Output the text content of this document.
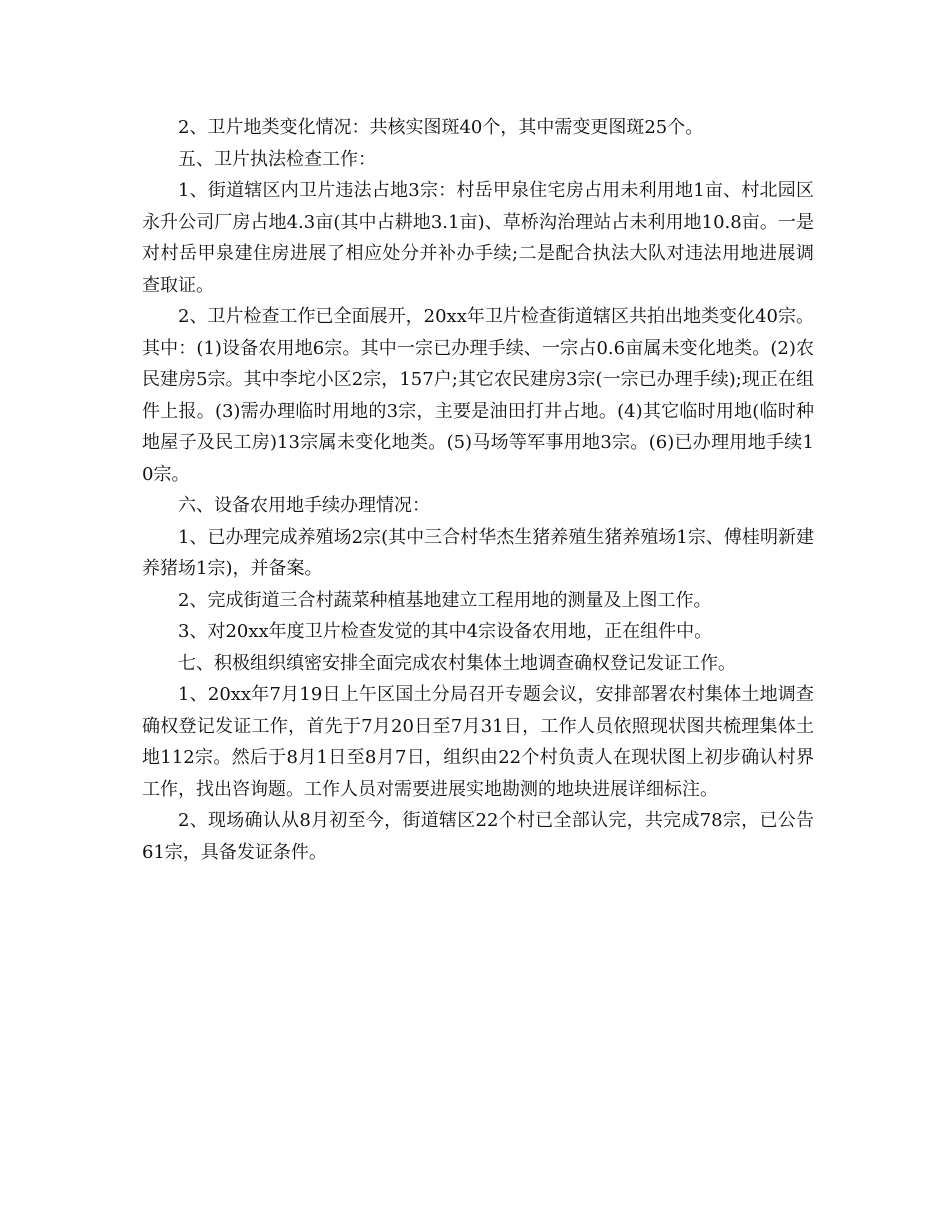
2、卫片地类变化情况：共核实图斑40个，其中需变更图斑25个。

五、卫片执法检查工作：

1、街道辖区内卫片违法占地3宗：村岳甲泉住宅房占用未利用地1亩、村北园区永升公司厂房占地4.3亩(其中占耕地3.1亩)、草桥沟治理站占未利用地10.8亩。一是对村岳甲泉建住房进展了相应处分并补办手续;二是配合执法大队对违法用地进展调查取证。

2、卫片检查工作已全面展开，20xx年卫片检查街道辖区共拍出地类变化40宗。其中：(1)设备农用地6宗。其中一宗已办理手续、一宗占0.6亩属未变化地类。(2)农民建房5宗。其中李坨小区2宗，157户;其它农民建房3宗(一宗已办理手续);现正在组件上报。(3)需办理临时用地的3宗，主要是油田打井占地。(4)其它临时用地(临时种地屋子及民工房)13宗属未变化地类。(5)马场等军事用地3宗。(6)已办理用地手续10宗。

六、设备农用地手续办理情况：

1、已办理完成养殖场2宗(其中三合村华杰生猪养殖生猪养殖场1宗、傅桂明新建养猪场1宗)，并备案。

2、完成街道三合村蔬菜种植基地建立工程用地的测量及上图工作。

3、对20xx年度卫片检查发觉的其中4宗设备农用地，正在组件中。

七、积极组织缜密安排全面完成农村集体土地调查确权登记发证工作。

1、20xx年7月19日上午区国土分局召开专题会议，安排部署农村集体土地调查确权登记发证工作，首先于7月20日至7月31日，工作人员依照现状图共梳理集体土地112宗。然后于8月1日至8月7日，组织由22个村负责人在现状图上初步确认村界工作，找出咨询题。工作人员对需要进展实地勘测的地块进展详细标注。

2、现场确认从8月初至今，街道辖区22个村已全部认完，共完成78宗，已公告61宗，具备发证条件。
